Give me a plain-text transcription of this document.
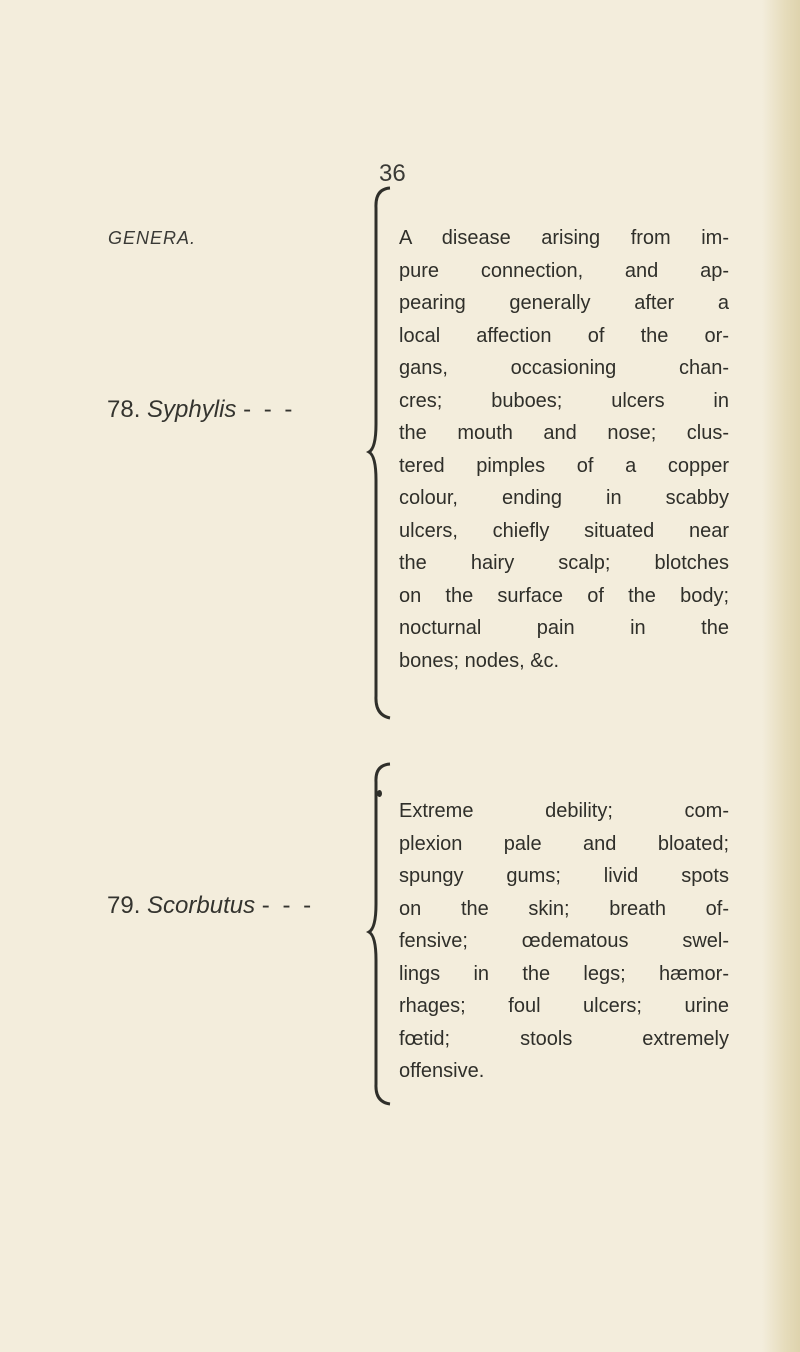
36
GENERA.
78. Syphylis - - -
A disease arising from im-
pure connection, and ap-
pearing generally after a
local affection of the or-
gans, occasioning chan-
cres; buboes; ulcers in
the mouth and nose; clus-
tered pimples of a copper
colour, ending in scabby
ulcers, chiefly situated near
the hairy scalp; blotches
on the surface of the body;
nocturnal pain in the
bones; nodes, &c.
79. Scorbutus - - -
Extreme debility; com-
plexion pale and bloated;
spungy gums; livid spots
on the skin; breath of-
fensive; œdematous swel-
lings in the legs; hæmor-
rhages; foul ulcers; urine
fœtid; stools extremely
offensive.
